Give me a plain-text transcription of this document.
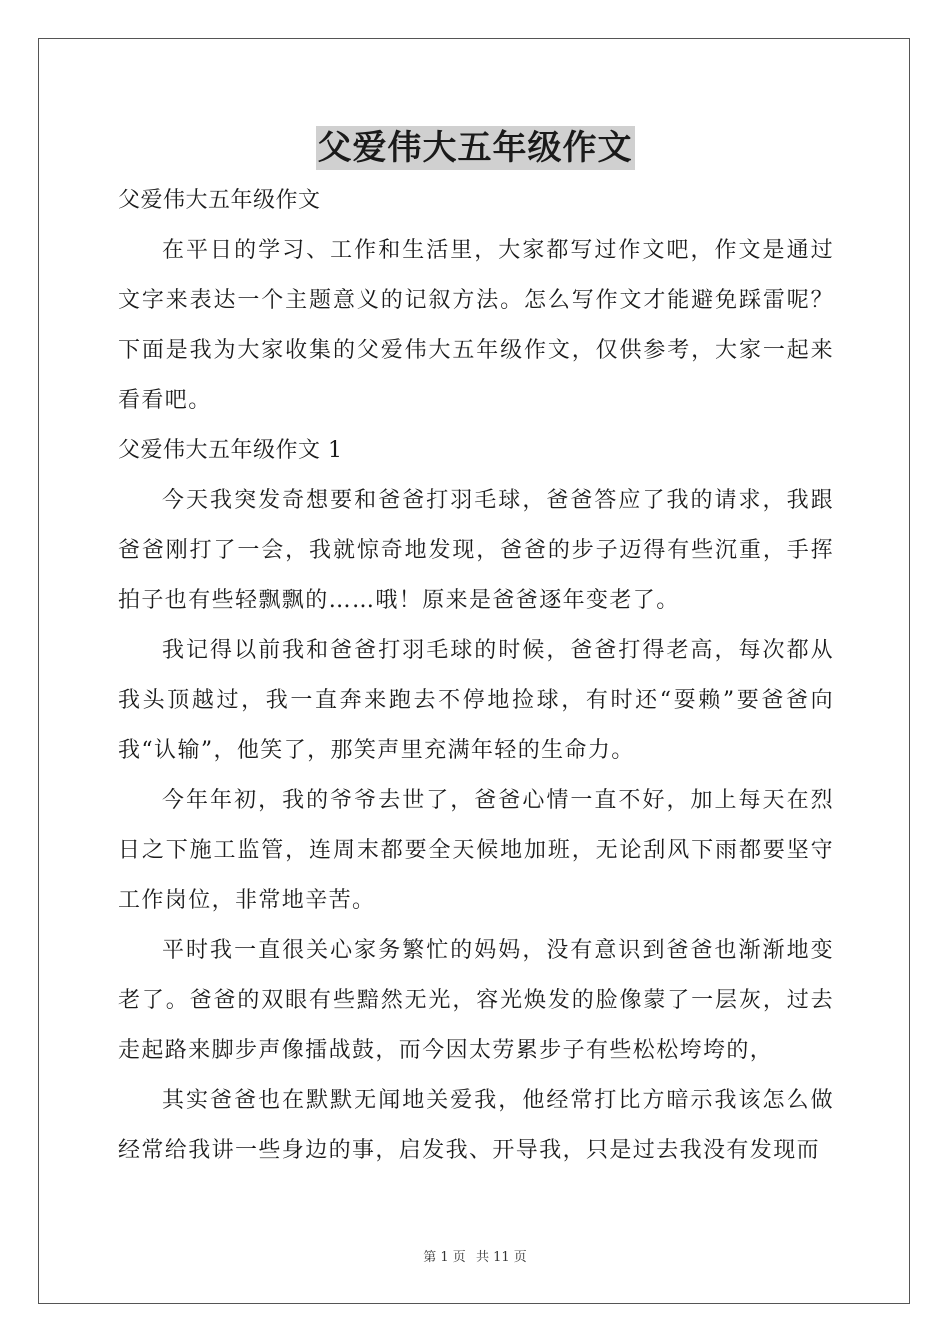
父爱伟大五年级作文

父爱伟大五年级作文

在平日的学习、工作和生活里，大家都写过作文吧，作文是通过文字来表达一个主题意义的记叙方法。怎么写作文才能避免踩雷呢？下面是我为大家收集的父爱伟大五年级作文，仅供参考，大家一起来看看吧。

父爱伟大五年级作文 1

今天我突发奇想要和爸爸打羽毛球，爸爸答应了我的请求，我跟爸爸刚打了一会，我就惊奇地发现，爸爸的步子迈得有些沉重，手挥拍子也有些轻飘飘的……哦！原来是爸爸逐年变老了。

我记得以前我和爸爸打羽毛球的时候，爸爸打得老高，每次都从我头顶越过，我一直奔来跑去不停地捡球，有时还“耍赖”要爸爸向我“认输”，他笑了，那笑声里充满年轻的生命力。

今年年初，我的爷爷去世了，爸爸心情一直不好，加上每天在烈日之下施工监管，连周末都要全天候地加班，无论刮风下雨都要坚守工作岗位，非常地辛苦。

平时我一直很关心家务繁忙的妈妈，没有意识到爸爸也渐渐地变老了。爸爸的双眼有些黯然无光，容光焕发的脸像蒙了一层灰，过去走起路来脚步声像擂战鼓，而今因太劳累步子有些松松垮垮的，

其实爸爸也在默默无闻地关爱我，他经常打比方暗示我该怎么做经常给我讲一些身边的事，启发我、开导我，只是过去我没有发现而

第 1 页 共 11 页
